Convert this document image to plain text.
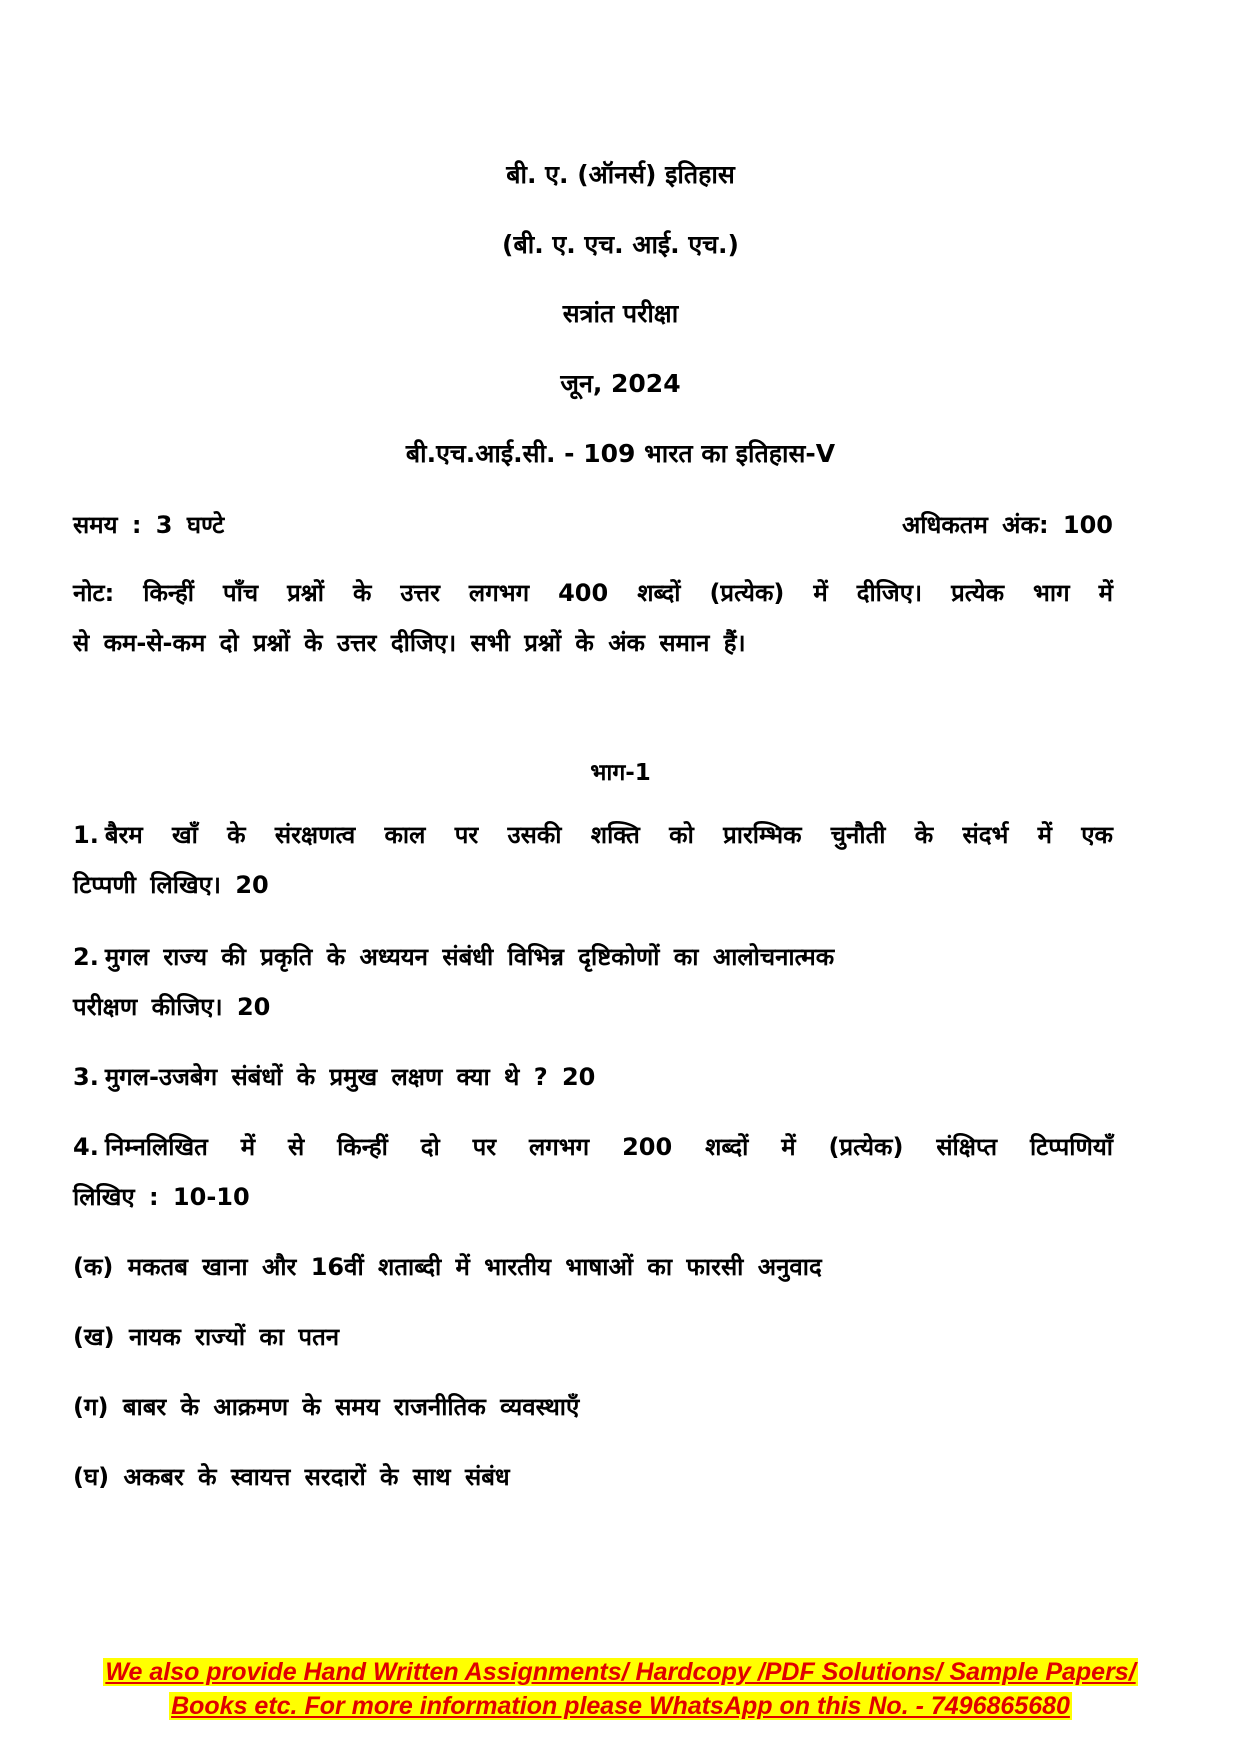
बी. ए. (ऑनर्स) इतिहास
(बी. ए. एच. आई. एच.)
सत्रांत परीक्षा
जून, 2024
बी.एच.आई.सी. - 109 भारत का इतिहास-V
समय : 3 घण्टे	अधिकतम अंक: 100
नोट: किन्हीं पाँच प्रश्नों के उत्तर लगभग 400 शब्दों (प्रत्येक) में दीजिए। प्रत्येक भाग में
से कम-से-कम दो प्रश्नों के उत्तर दीजिए। सभी प्रश्नों के अंक समान हैं।
भाग-1
1. बैरम खाँ के संरक्षणत्व काल पर उसकी शक्ति को प्रारम्भिक चुनौती के संदर्भ में एक
टिप्पणी लिखिए। 20
2. मुगल राज्य की प्रकृति के अध्ययन संबंधी विभिन्न दृष्टिकोणों का आलोचनात्मक
परीक्षण कीजिए। 20
3. मुगल-उजबेग संबंधों के प्रमुख लक्षण क्या थे ? 20
4. निम्नलिखित में से किन्हीं दो पर लगभग 200 शब्दों में (प्रत्येक) संक्षिप्त टिप्पणियाँ
लिखिए : 10-10
(क) मकतब खाना और 16वीं शताब्दी में भारतीय भाषाओं का फारसी अनुवाद
(ख) नायक राज्यों का पतन
(ग) बाबर के आक्रमण के समय राजनीतिक व्यवस्थाएँ
(घ) अकबर के स्वायत्त सरदारों के साथ संबंध
We also provide Hand Written Assignments/ Hardcopy /PDF Solutions/ Sample Papers/
Books etc. For more information please WhatsApp on this No. - 7496865680
